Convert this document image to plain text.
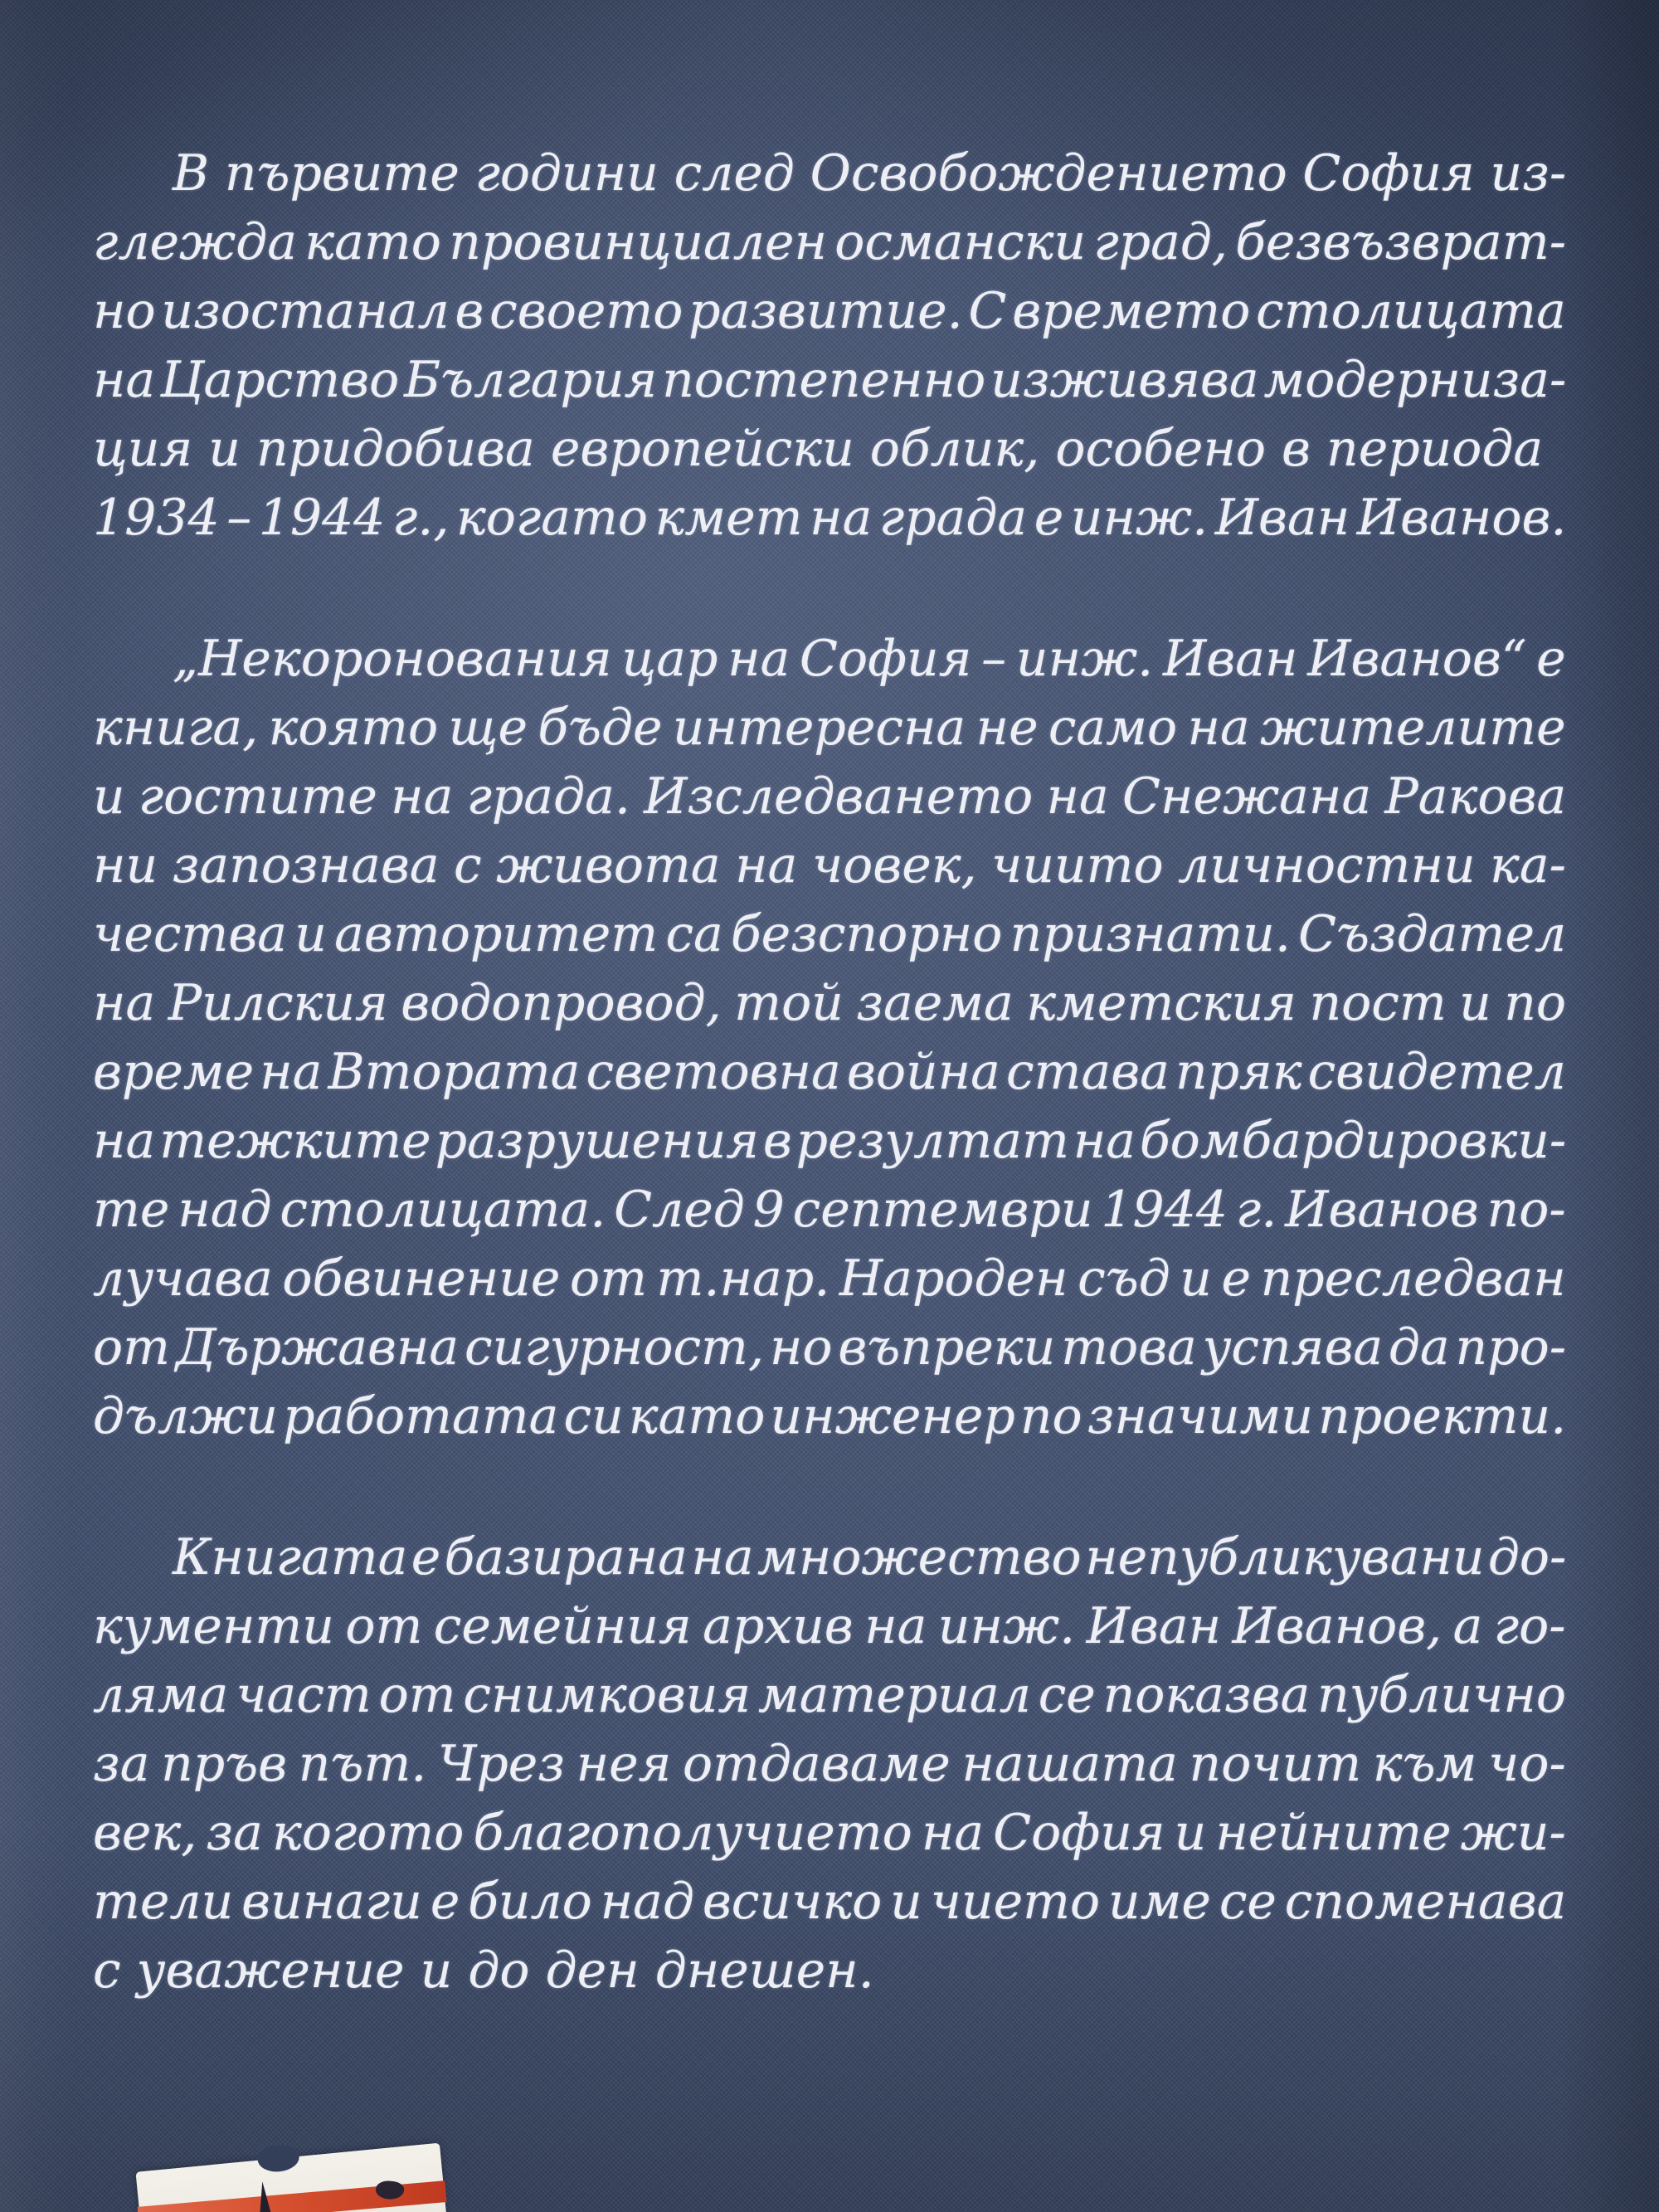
В първите години след Освобождението София из-
глежда като провинциален османски град, безвъзврат-
но изостанал в своето развитие. С времето столицата
на Царство България постепенно изживява модерниза-
ция и придобива европейски облик, особено в периода
1934 – 1944 г., когато кмет на града е инж. Иван Иванов.
„Некоронования цар на София – инж. Иван Иванов“ е
книга, която ще бъде интересна не само на жителите
и гостите на града. Изследването на Снежана Ракова
ни запознава с живота на човек, чиито личностни ка-
чества и авторитет са безспорно признати. Създател
на Рилския водопровод, той заема кметския пост и по
време на Втората световна война става пряк свидетел
на тежките разрушения в резултат на бомбардировки-
те над столицата. След 9 септември 1944 г. Иванов по-
лучава обвинение от т.нар. Народен съд и е преследван
от Държавна сигурност, но въпреки това успява да про-
дължи работата си като инженер по значими проекти.
Книгата е базирана на множество непубликувани до-
кументи от семейния архив на инж. Иван Иванов, а го-
ляма част от снимковия материал се показва публично
за пръв път. Чрез нея отдаваме нашата почит към чо-
век, за когото благополучието на София и нейните жи-
тели винаги е било над всичко и чието име се споменава
с уважение и до ден днешен.
